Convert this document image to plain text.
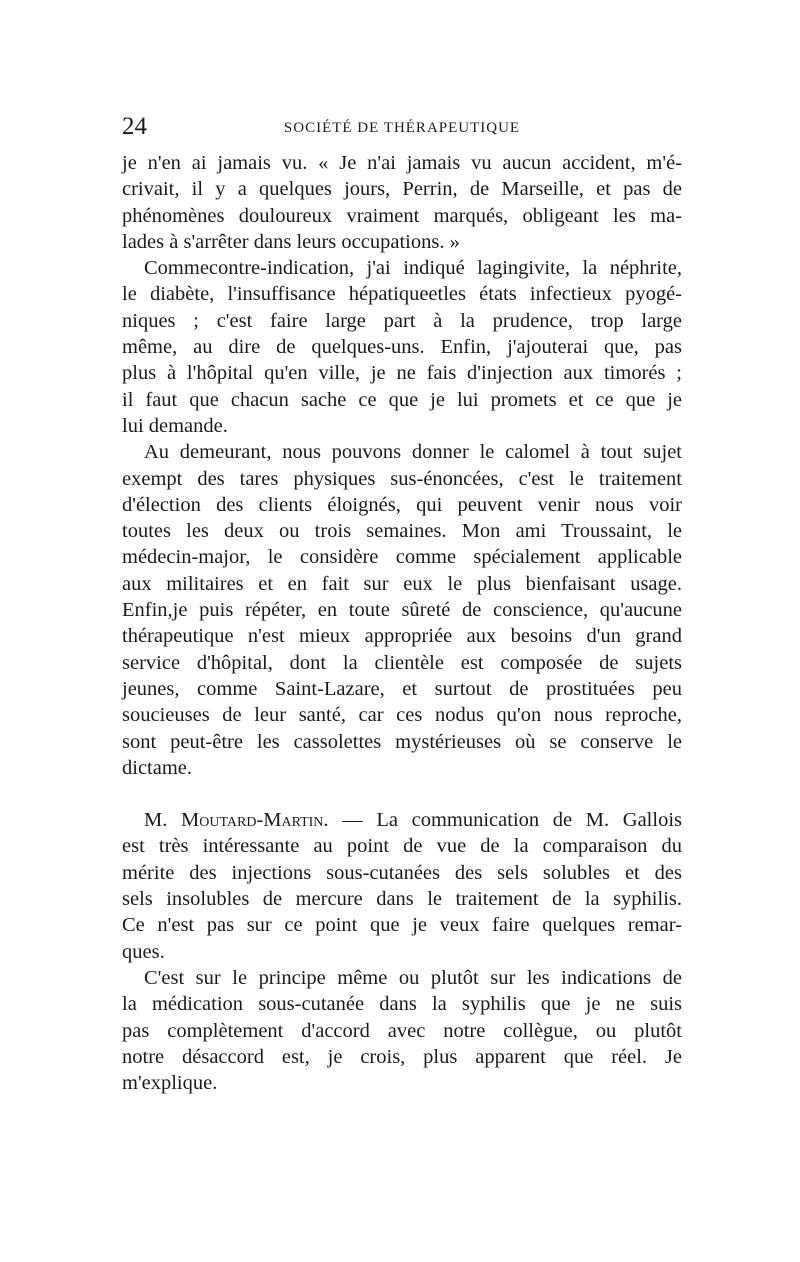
24	SOCIÉTÉ DE THÉRAPEUTIQUE
je n'en ai jamais vu. « Je n'ai jamais vu aucun accident, m'é-
crivait, il y a quelques jours, Perrin, de Marseille, et pas de
phénomènes douloureux vraiment marqués, obligeant les ma-
lades à s'arrêter dans leurs occupations. »
Commecontre-indication, j'ai indiqué lagingivite, la néphrite,
le diabète, l'insuffisance hépatiqueetles états infectieux pyogé-
niques ; c'est faire large part à la prudence, trop large
même, au dire de quelques-uns. Enfin, j'ajouterai que, pas
plus à l'hôpital qu'en ville, je ne fais d'injection aux timorés ;
il faut que chacun sache ce que je lui promets et ce que je
lui demande.
Au demeurant, nous pouvons donner le calomel à tout sujet
exempt des tares physiques sus-énoncées, c'est le traitement
d'élection des clients éloignés, qui peuvent venir nous voir
toutes les deux ou trois semaines. Mon ami Troussaint, le
médecin-major, le considère comme spécialement applicable
aux militaires et en fait sur eux le plus bienfaisant usage.
Enfin,je puis répéter, en toute sûreté de conscience, qu'aucune
thérapeutique n'est mieux appropriée aux besoins d'un grand
service d'hôpital, dont la clientèle est composée de sujets
jeunes, comme Saint-Lazare, et surtout de prostituées peu
soucieuses de leur santé, car ces nodus qu'on nous reproche,
sont peut-être les cassolettes mystérieuses où se conserve le
dictame.
M. Moutard-Martin. — La communication de M. Gallois
est très intéressante au point de vue de la comparaison du
mérite des injections sous-cutanées des sels solubles et des
sels insolubles de mercure dans le traitement de la syphilis.
Ce n'est pas sur ce point que je veux faire quelques remar-
ques.
C'est sur le principe même ou plutôt sur les indications de
la médication sous-cutanée dans la syphilis que je ne suis
pas complètement d'accord avec notre collègue, ou plutôt
notre désaccord est, je crois, plus apparent que réel. Je
m'explique.
